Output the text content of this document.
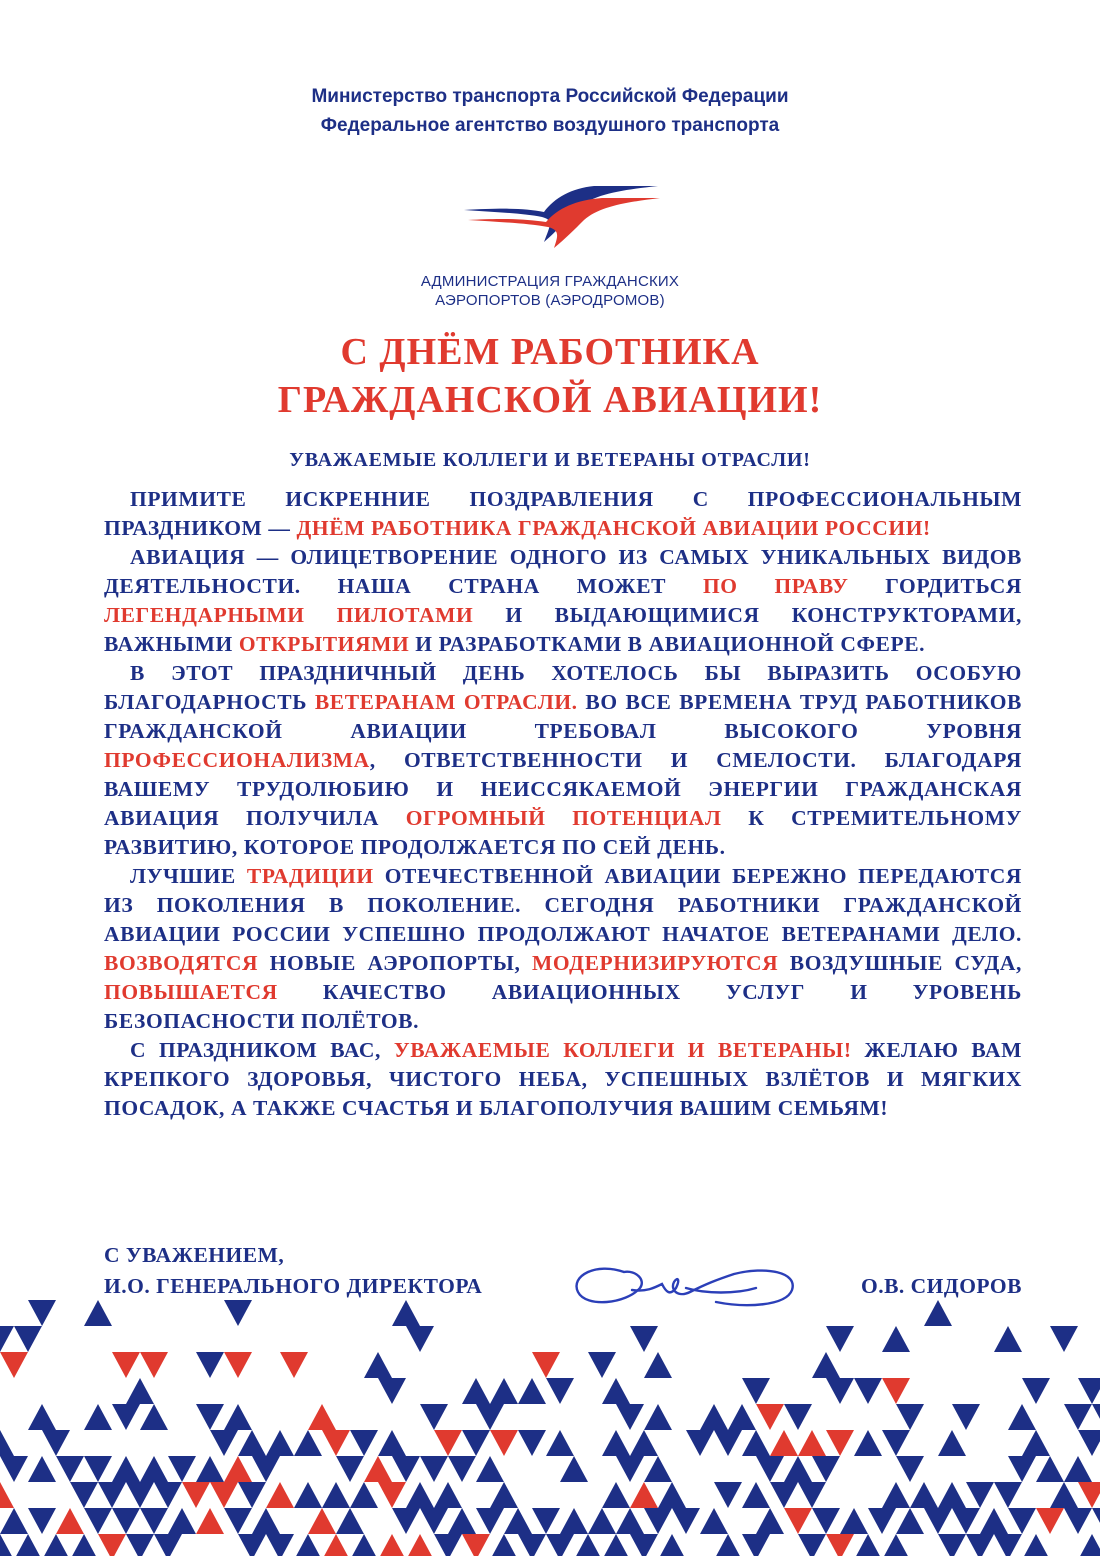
Министерство транспорта Российской Федерации
Федеральное агентство воздушного транспорта
АДМИНИСТРАЦИЯ ГРАЖДАНСКИХ
АЭРОПОРТОВ (АЭРОДРОМОВ)
С ДНЁМ РАБОТНИКА
ГРАЖДАНСКОЙ АВИАЦИИ!
УВАЖАЕМЫЕ КОЛЛЕГИ И ВЕТЕРАНЫ ОТРАСЛИ!

ПРИМИТЕ ИСКРЕННИЕ ПОЗДРАВЛЕНИЯ С ПРОФЕССИОНАЛЬНЫМ ПРАЗДНИКОМ — ДНЁМ РАБОТНИКА ГРАЖДАНСКОЙ АВИАЦИИ РОССИИ!

АВИАЦИЯ — ОЛИЦЕТВОРЕНИЕ ОДНОГО ИЗ САМЫХ УНИКАЛЬНЫХ ВИДОВ ДЕЯТЕЛЬНОСТИ. НАША СТРАНА МОЖЕТ ПО ПРАВУ ГОРДИТЬСЯ ЛЕГЕНДАРНЫМИ ПИЛОТАМИ И ВЫДАЮЩИМИСЯ КОНСТРУКТОРАМИ, ВАЖНЫМИ ОТКРЫТИЯМИ И РАЗРАБОТКАМИ В АВИАЦИОННОЙ СФЕРЕ.

В ЭТОТ ПРАЗДНИЧНЫЙ ДЕНЬ ХОТЕЛОСЬ БЫ ВЫРАЗИТЬ ОСОБУЮ БЛАГОДАРНОСТЬ ВЕТЕРАНАМ ОТРАСЛИ. ВО ВСЕ ВРЕМЕНА ТРУД РАБОТНИКОВ ГРАЖДАНСКОЙ АВИАЦИИ ТРЕБОВАЛ ВЫСОКОГО УРОВНЯ ПРОФЕССИОНАЛИЗМА, ОТВЕТСТВЕННОСТИ И СМЕЛОСТИ. БЛАГОДАРЯ ВАШЕМУ ТРУДОЛЮБИЮ И НЕИССЯКАЕМОЙ ЭНЕРГИИ ГРАЖДАНСКАЯ АВИАЦИЯ ПОЛУЧИЛА ОГРОМНЫЙ ПОТЕНЦИАЛ К СТРЕМИТЕЛЬНОМУ РАЗВИТИЮ, КОТОРОЕ ПРОДОЛЖАЕТСЯ ПО СЕЙ ДЕНЬ.

ЛУЧШИЕ ТРАДИЦИИ ОТЕЧЕСТВЕННОЙ АВИАЦИИ БЕРЕЖНО ПЕРЕДАЮТСЯ ИЗ ПОКОЛЕНИЯ В ПОКОЛЕНИЕ. СЕГОДНЯ РАБОТНИКИ ГРАЖДАНСКОЙ АВИАЦИИ РОССИИ УСПЕШНО ПРОДОЛЖАЮТ НАЧАТОЕ ВЕТЕРАНАМИ ДЕЛО. ВОЗВОДЯТСЯ НОВЫЕ АЭРОПОРТЫ, МОДЕРНИЗИРУЮТСЯ ВОЗДУШНЫЕ СУДА, ПОВЫШАЕТСЯ КАЧЕСТВО АВИАЦИОННЫХ УСЛУГ И УРОВЕНЬ БЕЗОПАСНОСТИ ПОЛЁТОВ.

С ПРАЗДНИКОМ ВАС, УВАЖАЕМЫЕ КОЛЛЕГИ И ВЕТЕРАНЫ! ЖЕЛАЮ ВАМ КРЕПКОГО ЗДОРОВЬЯ, ЧИСТОГО НЕБА, УСПЕШНЫХ ВЗЛЁТОВ И МЯГКИХ ПОСАДОК, А ТАКЖЕ СЧАСТЬЯ И БЛАГОПОЛУЧИЯ ВАШИМ СЕМЬЯМ!

С УВАЖЕНИЕМ,
И.О. ГЕНЕРАЛЬНОГО ДИРЕКТОРА	О.В. СИДОРОВ
